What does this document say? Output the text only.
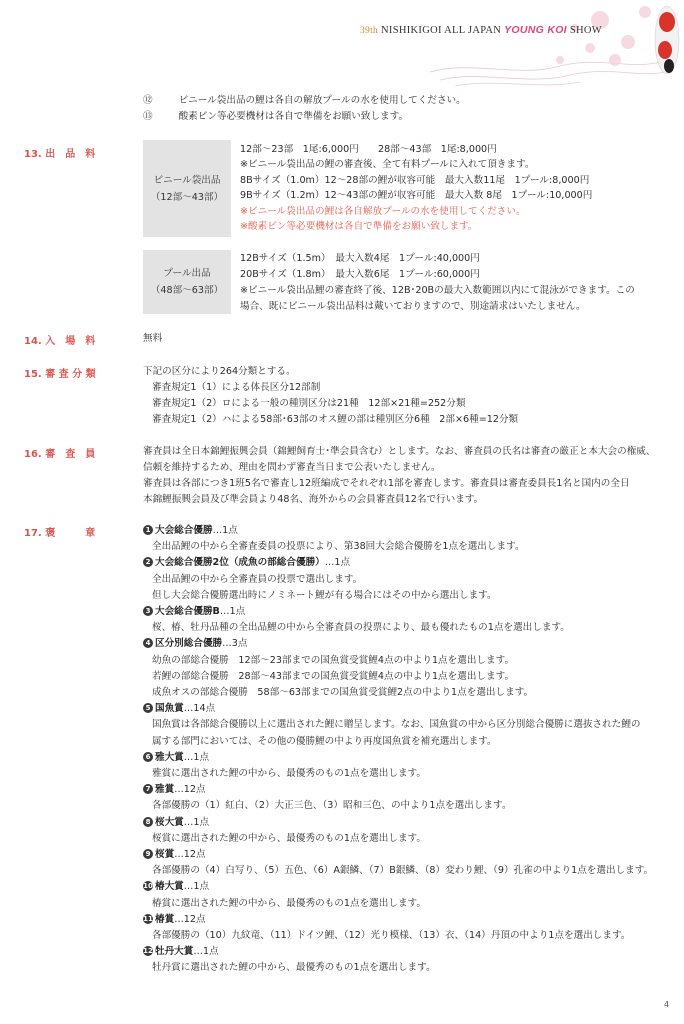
39th NISHIKIGOI ALL JAPAN YOUNG KOI SHOW
⑫	ビニール袋出品の鯉は各自の解放プールの水を使用してください。
⑬	酸素ビン等必要機材は各自で準備をお願い致します。
13. 出　品　料
ビニール袋出品
（12部〜43部）
12部〜23部　1尾:6,000円　　28部〜43部　1尾:8,000円
※ビニール袋出品の鯉の審査後、全て有料プールに入れて頂きます。
8Bサイズ（1.0m）12〜28部の鯉が収容可能　最大入数11尾　1プール:8,000円
9Bサイズ（1.2m）12〜43部の鯉が収容可能　最大入数 8尾　1プール:10,000円
※ビニール袋出品の鯉は各自解放プールの水を使用してください。
※酸素ビン等必要機材は各自で準備をお願い致します。
プール出品
（48部〜63部）
12Bサイズ（1.5m）　最大入数4尾　1プール:40,000円
20Bサイズ（1.8m）　最大入数6尾　1プール:60,000円
※ビニール袋出品鯉の審査終了後、12B･20Bの最大入数範囲以内にて混泳ができます。この
場合、既にビニール袋出品料は戴いておりますので、別途請求はいたしません。
14. 入　場　料	無料
15. 審 査 分 類	下記の区分により264分類とする。
審査規定1（1）による体長区分12部制
審査規定1（2）ロによる一般の種別区分は21種　12部×21種=252分類
審査規定1（2）ハによる58部･63部のオス鯉の部は種別区分6種　2部×6種=12分類
16. 審　査　員	審査員は全日本錦鯉振興会員（錦鯉飼育士･準会員含む）とします。なお、審査員の氏名は審査の厳正と本大会の権威、
信頼を維持するため、理由を問わず審査当日まで公表いたしません。
審査員は各部につき1班5名で審査し12班編成でそれぞれ1部を審査します。審査員は審査委員長1名と国内の全日
本錦鯉振興会員及び準会員より48名、海外からの会員審査員12名で行います。
17. 褒　　　章	1 大会総合優勝…1点
全出品鯉の中から全審査委員の投票により、第38回大会総合優勝を1点を選出します。
2 大会総合優勝2位（成魚の部総合優勝）…1点
全出品鯉の中から全審査員の投票で選出します。
但し大会総合優勝選出時にノミネート鯉が有る場合にはその中から選出します。
3 大会総合優勝B…1点
桜、椿、牡丹品種の全出品鯉の中から全審査員の投票により、最も優れたもの1点を選出します。
4 区分別総合優勝…3点
幼魚の部総合優勝　12部〜23部までの国魚賞受賞鯉4点の中より1点を選出します。
若鯉の部総合優勝　28部〜43部までの国魚賞受賞鯉4点の中より1点を選出します。
成魚オスの部総合優勝　58部〜63部までの国魚賞受賞鯉2点の中より1点を選出します。
5 国魚賞…14点
国魚賞は各部総合優勝以上に選出された鯉に贈呈します。なお、国魚賞の中から区分別総合優勝に選抜された鯉の
属する部門においては、その他の優勝鯉の中より再度国魚賞を補充選出します。
6 雅大賞…1点
雅賞に選出された鯉の中から、最優秀のもの1点を選出します。
7 雅賞…12点
各部優勝の（1）紅白、（2）大正三色、（3）昭和三色、の中より1点を選出します。
8 桜大賞…1点
桜賞に選出された鯉の中から、最優秀のもの1点を選出します。
9 桜賞…12点
各部優勝の（4）白写り、（5）五色、（6）A銀鱗、（7）B銀鱗、（8）変わり鯉、（9）孔雀の中より1点を選出します。
10 椿大賞…1点
椿賞に選出された鯉の中から、最優秀のもの1点を選出します。
11 椿賞…12点
各部優勝の（10）九紋竜、（11）ドイツ鯉、（12）光り模様、（13）衣、（14）丹頂の中より1点を選出します。
12 牡丹大賞…1点
牡丹賞に選出された鯉の中から、最優秀のもの1点を選出します。
4
